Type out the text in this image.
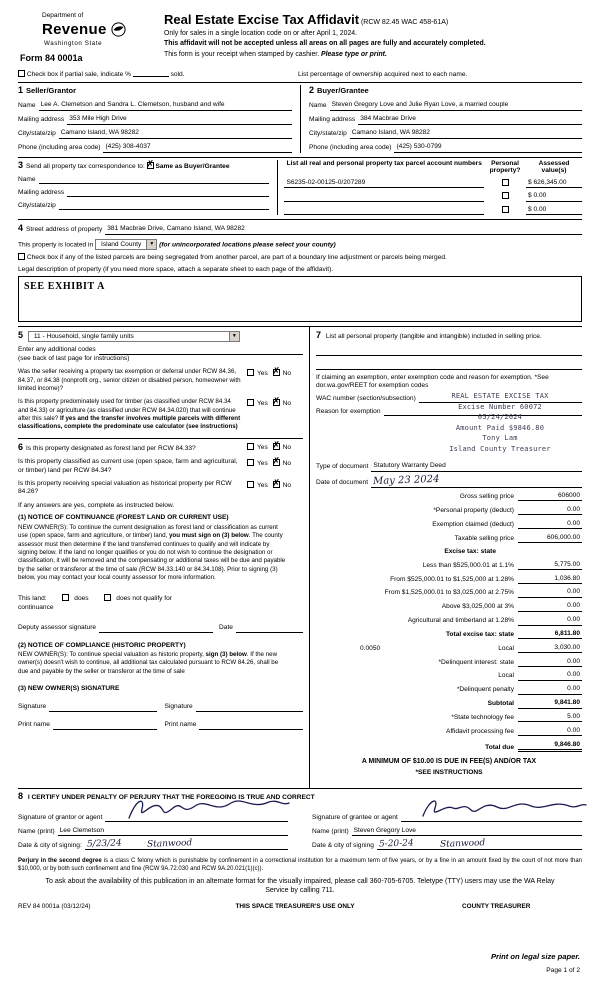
Department of
Revenue
Washington State
Form 84 0001a
Real Estate Excise Tax Affidavit (RCW 82.45 WAC 458-61A)
Only for sales in a single location code on or after April 1, 2024.
This affidavit will not be accepted unless all areas on all pages are fully and accurately completed.
This form is your receipt when stamped by cashier. Please type or print.
Check box if partial sale, indicate %	sold.	List percentage of ownership acquired next to each name.
1 Seller/Grantor
Name Lee A. Clemetson and Sandra L. Clemetson, husband and wife
Mailing address 353 Mile High Drive
City/state/zip Camano Island, WA 98282
Phone (including area code) (425) 308-4037
2 Buyer/Grantee
Name Steven Gregory Love and Julie Ryan Love, a married couple
Mailing address 384 Macbrae Drive
City/state/zip Camano Island, WA 98282
Phone (including area code) (425) 530-0799
3 Send all property tax correspondence to: ✗ Same as Buyer/Grantee
Name
Mailing address
City/state/zip
List all real and personal property tax parcel account numbers	Personal property?
Assessed value(s)
S6235-02-00125-0/207289	$ 626,345.00
$ 0.00
$ 0.00
4 Street address of property 381 Macbrae Drive, Camano Island, WA 98282
This property is located in	Island County	▼ (for unincorporated locations please select your county)
Check box if any of the listed parcels are being segregated from another parcel, are part of a boundary line adjustment or parcels being merged.
Legal description of property (if you need more space, attach a separate sheet to each page of the affidavit).
SEE EXHIBIT A
5	11 - Household, single family units	▼
Enter any additional codes
(see back of last page for instructions)
Was the seller receiving a property tax exemption or deferral under RCW 84.36, 84.37, or 84.38 (nonprofit org., senior citizen or disabled person, homeowner with limited income)?
Yes ✗ No
Is this property predominately used for timber (as classified under RCW 84.34 and 84.33) or agriculture (as classified under RCW 84.34.020) that will continue after this sale? If yes and the transfer involves multiple parcels with different classifications, complete the predominate use calculator (see instructions)
Yes ✗ No
6 Is this property designated as forest land per RCW 84.33?	Yes ✗ No
Is this property classified as current use (open space, farm and agricultural, or timber) land per RCW 84.34?
Yes ✗ No
Is this property receiving special valuation as historical property per RCW 84.26?
Yes ✗ No
If any answers are yes, complete as instructed below.
(1) NOTICE OF CONTINUANCE (FOREST LAND OR CURRENT USE)
NEW OWNER(S): To continue the current designation as forest land or classification as current use (open space, farm and agriculture, or timber) land, you must sign on (3) below. The county assessor must then determine if the land transferred continues to qualify and will indicate by signing below. If the land no longer qualifies or you do not wish to continue the designation or classification, it will be removed and the compensating or additional taxes will be due and payable by the seller or transferor at the time of sale (RCW 84.33.140 or 84.34.108). Prior to signing (3) below, you may contact your local county assessor for more information.
This land:	does	does not qualify for
continuance
Deputy assessor signature	Date
(2) NOTICE OF COMPLIANCE (HISTORIC PROPERTY)
NEW OWNER(S): To continue special valuation as historic property, sign (3) below. If the new owner(s) doesn't wish to continue, all additional tax calculated pursuant to RCW 84.26, shall be due and payable by the seller or transferor at the time of sale
(3) NEW OWNER(S) SIGNATURE
Signature	Signature
Print name	Print name
7 List all personal property (tangible and intangible) included in selling price.
If claiming an exemption, enter exemption code and reason for exemption. *See dor.wa.gov/REET for exemption codes
WAC number (section/subsection)
Reason for exemption
REAL ESTATE EXCISE TAX
Excise Number 60072
05/24/2024
Amount Paid $9846.80
Tony Lam
Island County Treasurer
Type of document Statutory Warranty Deed
Date of document May 23 2024
Gross selling price	606000
*Personal property (deduct)	0.00
Exemption claimed (deduct)	0.00
Taxable selling price	606,000.00
Excise tax: state
Less than $525,000.01 at 1.1%	5,775.00
From $525,000.01 to $1,525,000 at 1.28%	1,036.80
From $1,525,000.01 to $3,025,000 at 2.75%	0.00
Above $3,025,000 at 3%	0.00
Agricultural and timberland at 1.28%	0.00
Total excise tax: state	6,811.80
0.0050	Local	3,030.00
*Delinquent interest: state	0.00
Local	0.00
*Delinquent penalty	0.00
Subtotal	9,841.80
*State technology fee	5.00
Affidavit processing fee	0.00
Total due	9,846.80
A MINIMUM OF $10.00 IS DUE IN FEE(S) AND/OR TAX
*SEE INSTRUCTIONS
8 I CERTIFY UNDER PENALTY OF PERJURY THAT THE FOREGOING IS TRUE AND CORRECT
Signature of grantor or agent
Name (print) Lee Clemetson
Date & city of signing: 5/23/24	Stanwood
Signature of grantee or agent
Name (print) Steven Gregory Love
Date & city of signing 5-20-24	Stanwood

Perjury in the second degree is a class C felony which is punishable by confinement in a correctional institution for a maximum term of five years, or by a fine in an amount fixed by the court of not more than $10,000, or by both such confinement and fine (RCW 9A.72.030 and RCW 9A.20.021(1)(c)).

To ask about the availability of this publication in an alternate format for the visually impaired, please call 360-705-6705. Teletype (TTY) users may use the WA Relay Service by calling 711.

REV 84 0001a (03/12/24)	THIS SPACE TREASURER'S USE ONLY	COUNTY TREASURER
Print on legal size paper.
Page 1 of 2
